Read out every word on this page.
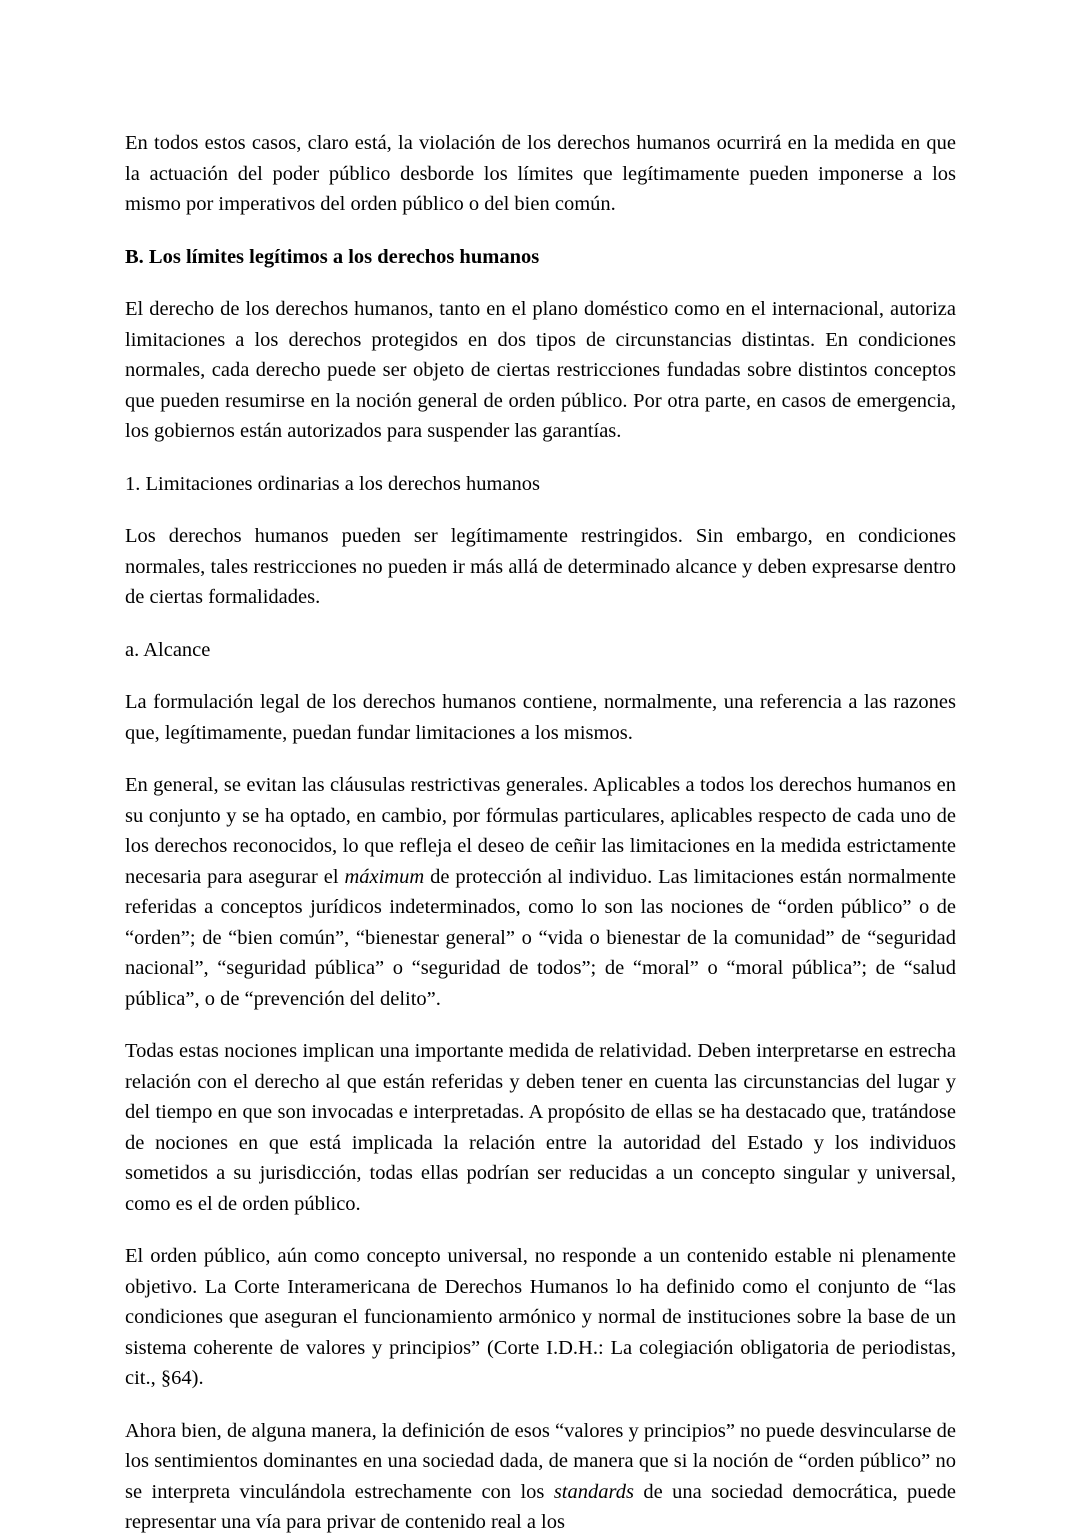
En todos estos casos, claro está, la violación de los derechos humanos ocurrirá en la medida en que la actuación del poder público desborde los límites que legítimamente pueden imponerse a los mismo por imperativos del orden público o del bien común.

B. Los límites legítimos a los derechos humanos

El derecho de los derechos humanos, tanto en el plano doméstico como en el internacional, autoriza limitaciones a los derechos protegidos en dos tipos de circunstancias distintas. En condiciones normales, cada derecho puede ser objeto de ciertas restricciones fundadas sobre distintos conceptos que pueden resumirse en la noción general de orden público. Por otra parte, en casos de emergencia, los gobiernos están autorizados para suspender las garantías.

1. Limitaciones ordinarias a los derechos humanos

Los derechos humanos pueden ser legítimamente restringidos. Sin embargo, en condiciones normales, tales restricciones no pueden ir más allá de determinado alcance y deben expresarse dentro de ciertas formalidades.

a. Alcance

La formulación legal de los derechos humanos contiene, normalmente, una referencia a las razones que, legítimamente, puedan fundar limitaciones a los mismos.

En general, se evitan las cláusulas restrictivas generales. Aplicables a todos los derechos humanos en su conjunto y se ha optado, en cambio, por fórmulas particulares, aplicables respecto de cada uno de los derechos reconocidos, lo que refleja el deseo de ceñir las limitaciones en la medida estrictamente necesaria para asegurar el máximum de protección al individuo. Las limitaciones están normalmente referidas a conceptos jurídicos indeterminados, como lo son las nociones de “orden público” o de “orden”; de “bien común”, “bienestar general” o “vida o bienestar de la comunidad” de “seguridad nacional”, “seguridad pública” o “seguridad de todos”; de “moral” o “moral pública”; de “salud pública”, o de “prevención del delito”.

Todas estas nociones implican una importante medida de relatividad. Deben interpretarse en estrecha relación con el derecho al que están referidas y deben tener en cuenta las circunstancias del lugar y del tiempo en que son invocadas e interpretadas. A propósito de ellas se ha destacado que, tratándose de nociones en que está implicada la relación entre la autoridad del Estado y los individuos sometidos a su jurisdicción, todas ellas podrían ser reducidas a un concepto singular y universal, como es el de orden público.

El orden público, aún como concepto universal, no responde a un contenido estable ni plenamente objetivo. La Corte Interamericana de Derechos Humanos lo ha definido como el conjunto de “las condiciones que aseguran el funcionamiento armónico y normal de instituciones sobre la base de un sistema coherente de valores y principios” (Corte I.D.H.: La colegiación obligatoria de periodistas, cit., §64).

Ahora bien, de alguna manera, la definición de esos “valores y principios” no puede desvincularse de los sentimientos dominantes en una sociedad dada, de manera que si la noción de “orden público” no se interpreta vinculándola estrechamente con los standards de una sociedad democrática, puede representar una vía para privar de contenido real a los
